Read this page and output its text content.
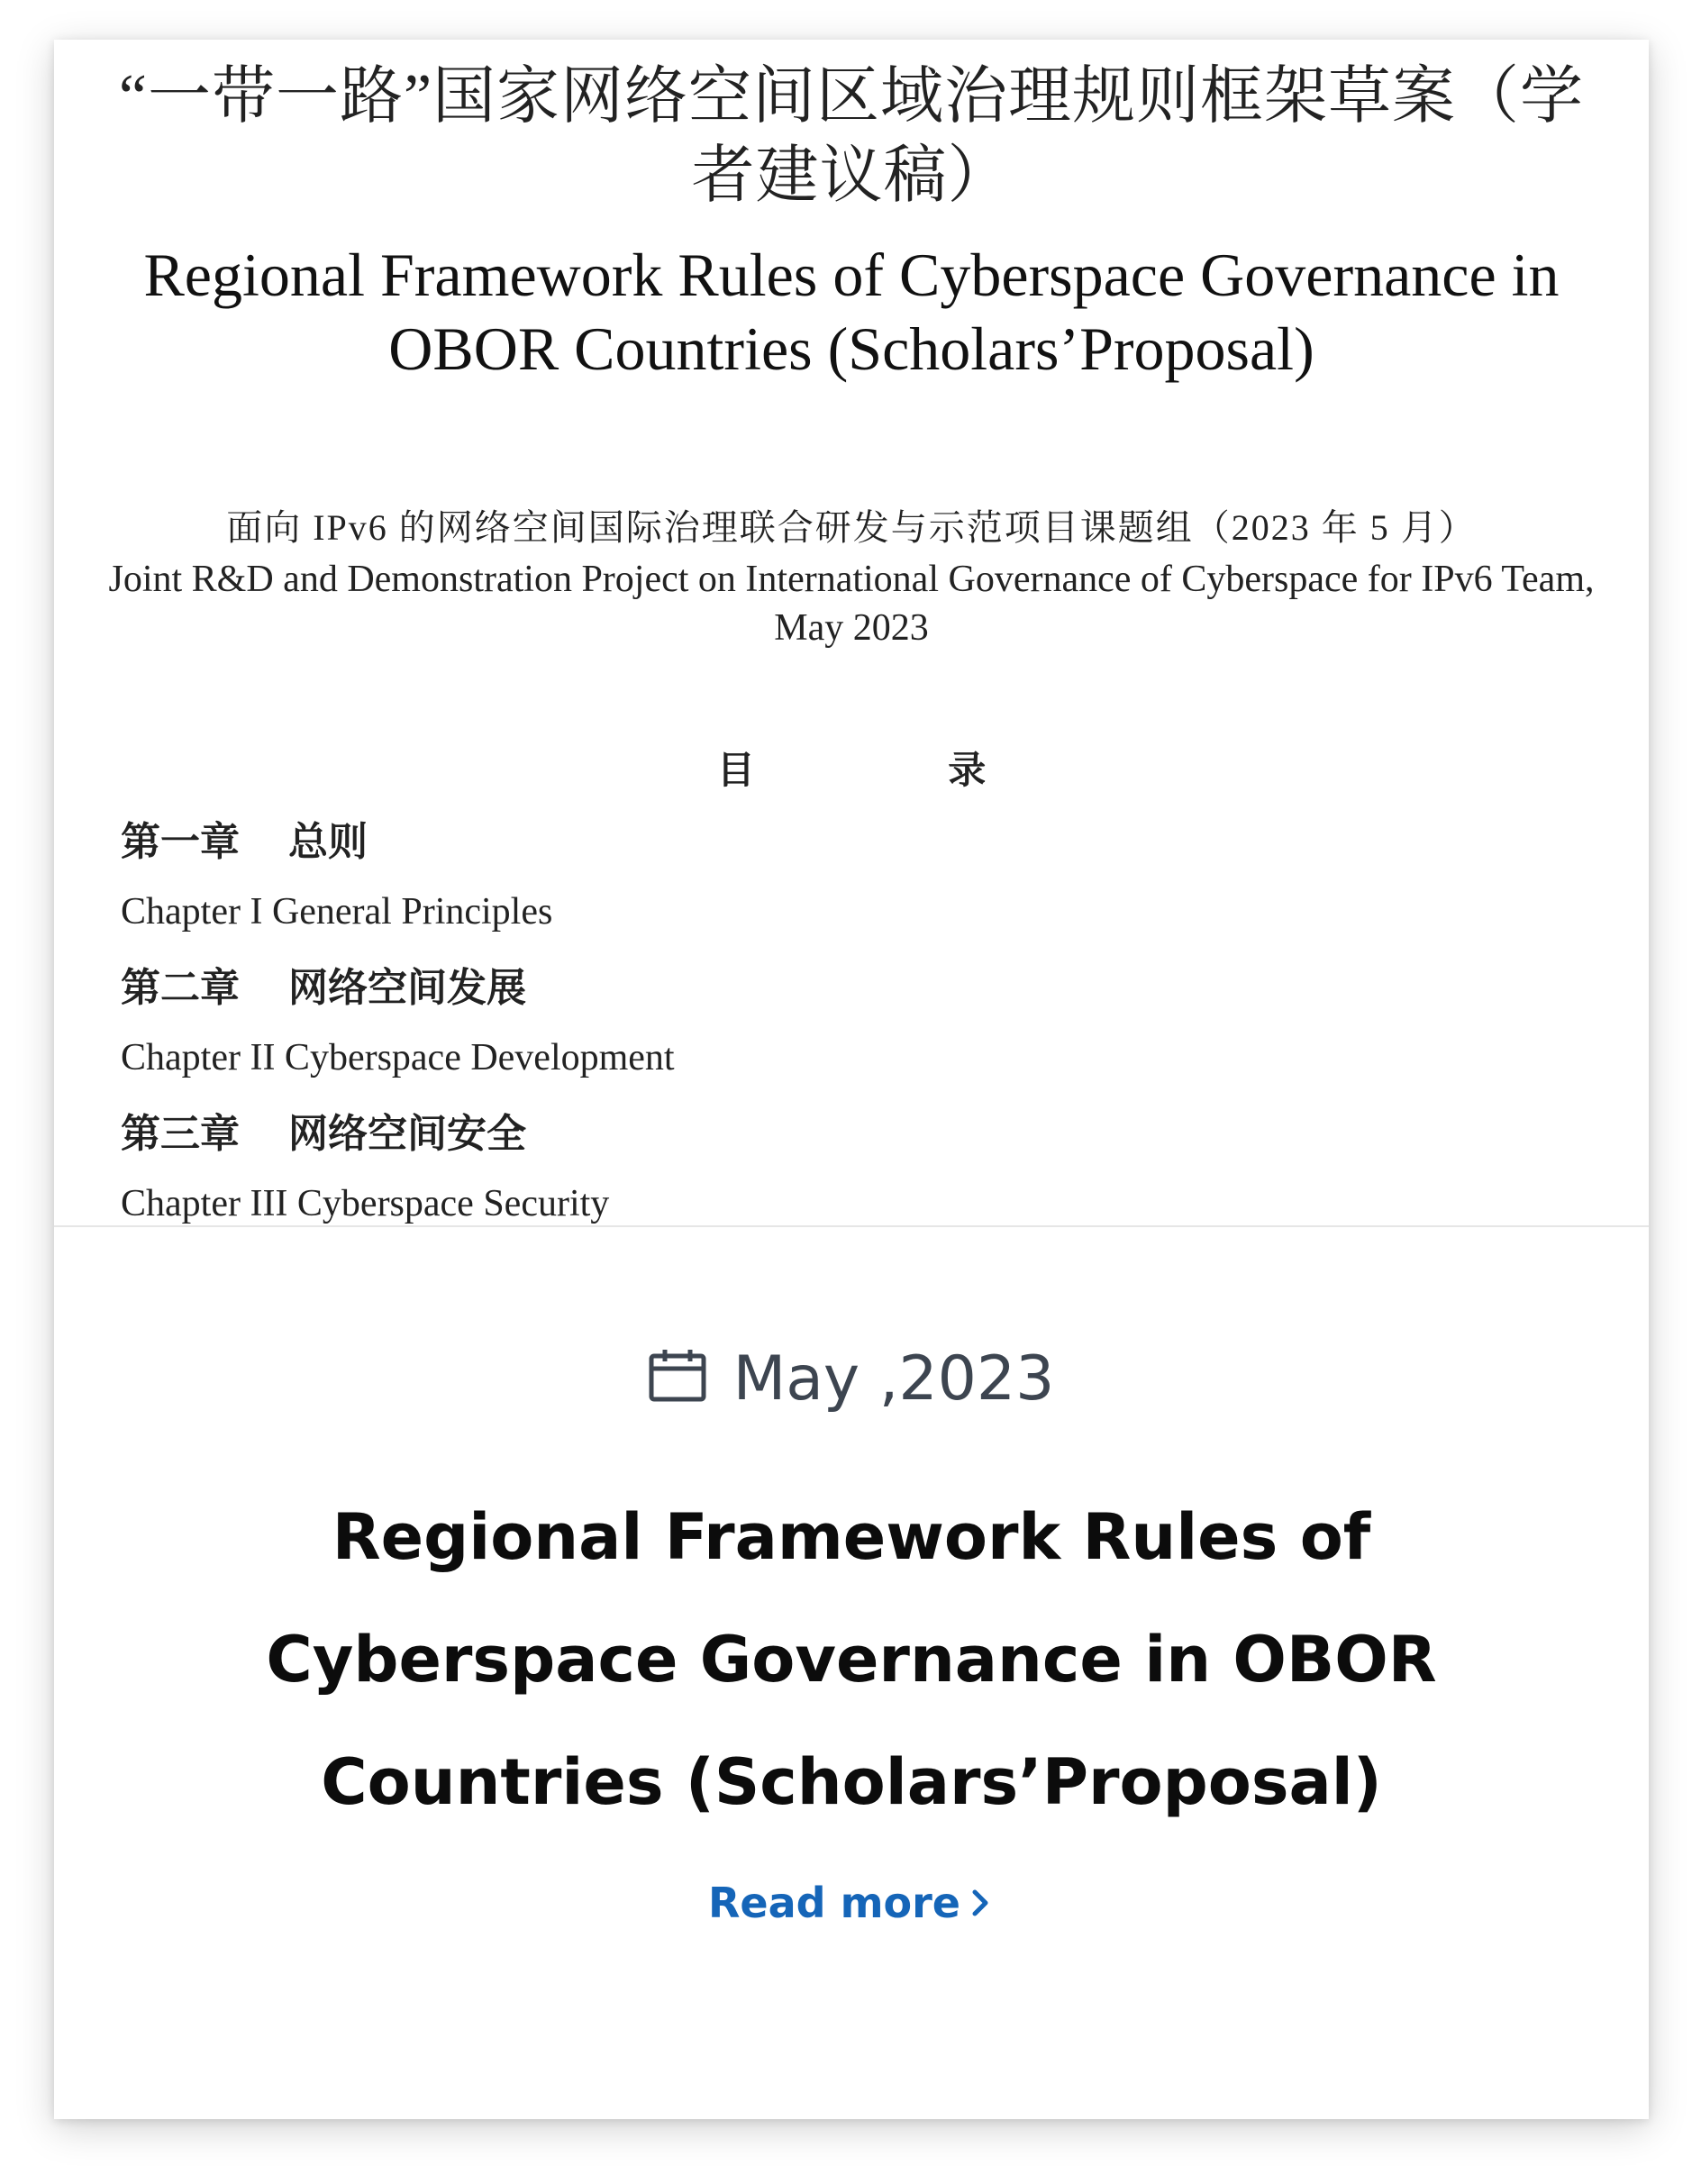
“一带一路”国家网络空间区域治理规则框架草案（学者建议稿）
Regional Framework Rules of Cyberspace Governance in OBOR Countries (Scholars’Proposal)
面向 IPv6 的网络空间国际治理联合研发与示范项目课题组（2023 年 5 月）
Joint R&D and Demonstration Project on International Governance of Cyberspace for IPv6 Team, May 2023
目 录
第一章 总则
Chapter I General Principles
第二章 网络空间发展
Chapter II Cyberspace Development
第三章 网络空间安全
Chapter III Cyberspace Security
May ,2023
Regional Framework Rules of Cyberspace Governance in OBOR Countries (Scholars’Proposal)
Read more
